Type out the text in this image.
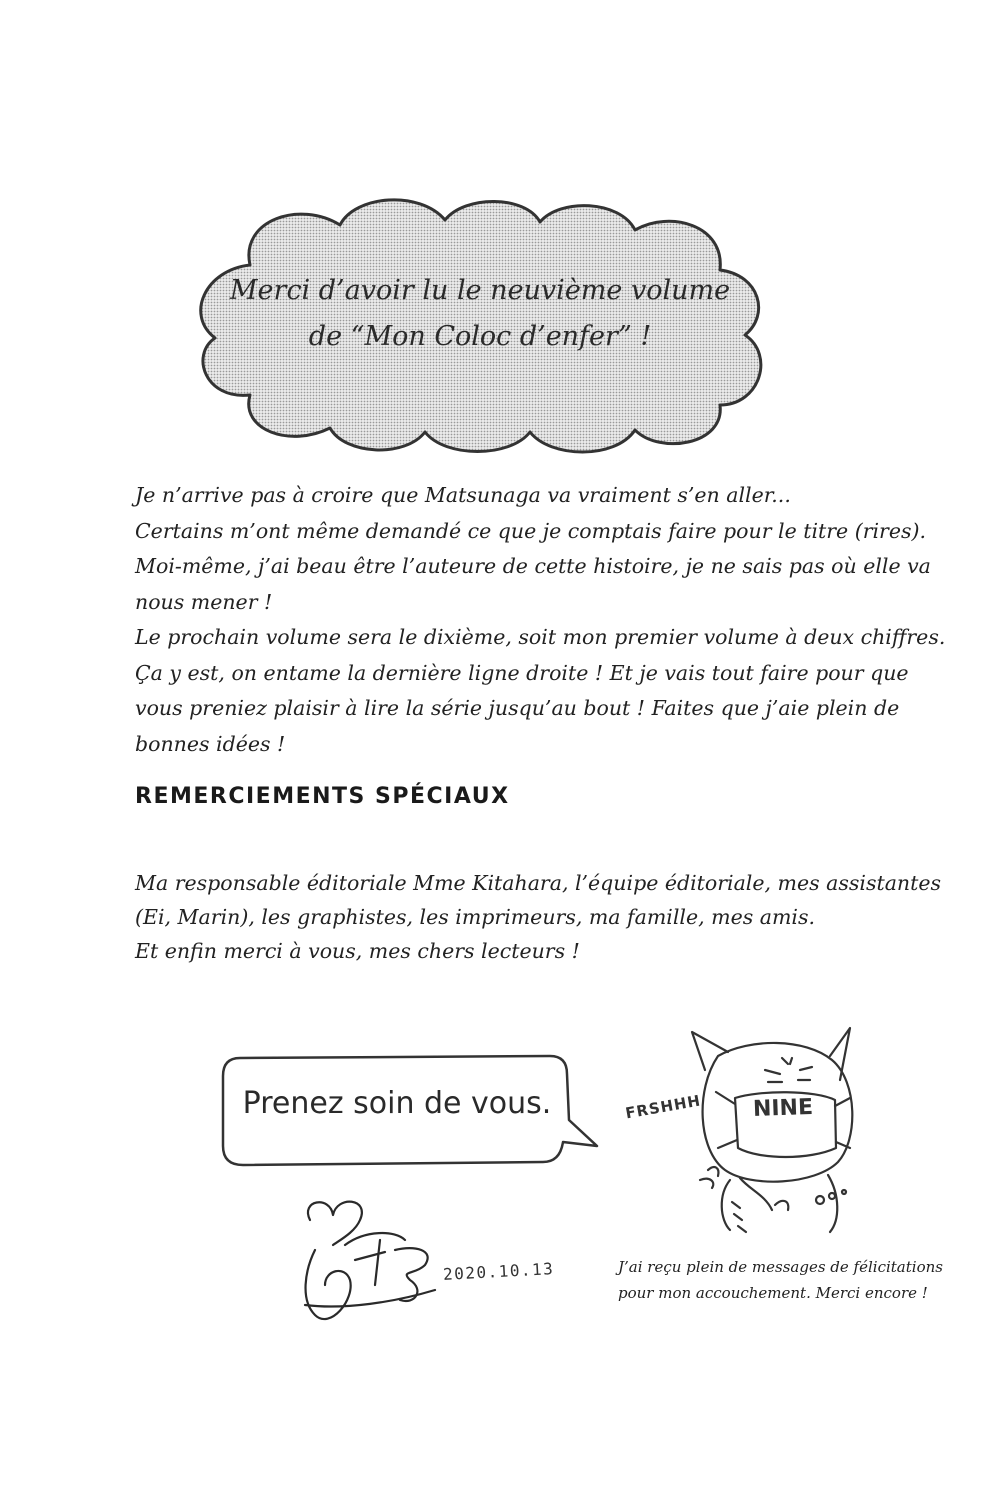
Merci d’avoir lu le neuvième volume
de “Mon Coloc d’enfer” !
Je n’arrive pas à croire que Matsunaga va vraiment s’en aller...
Certains m’ont même demandé ce que je comptais faire pour le titre (rires).
Moi-même, j’ai beau être l’auteure de cette histoire, je ne sais pas où elle va
nous mener !
Le prochain volume sera le dixième, soit mon premier volume à deux chiffres.
Ça y est, on entame la dernière ligne droite ! Et je vais tout faire pour que
vous preniez plaisir à lire la série jusqu’au bout ! Faites que j’aie plein de
bonnes idées !
REMERCIEMENTS SPÉCIAUX
Ma responsable éditoriale Mme Kitahara, l’équipe éditoriale, mes assistantes
(Ei, Marin), les graphistes, les imprimeurs, ma famille, mes amis.
Et enfin merci à vous, mes chers lecteurs !
Prenez soin de vous.	FRSHHH	NINE
2020.10.13	J’ai reçu plein de messages de félicitations
pour mon accouchement. Merci encore !
